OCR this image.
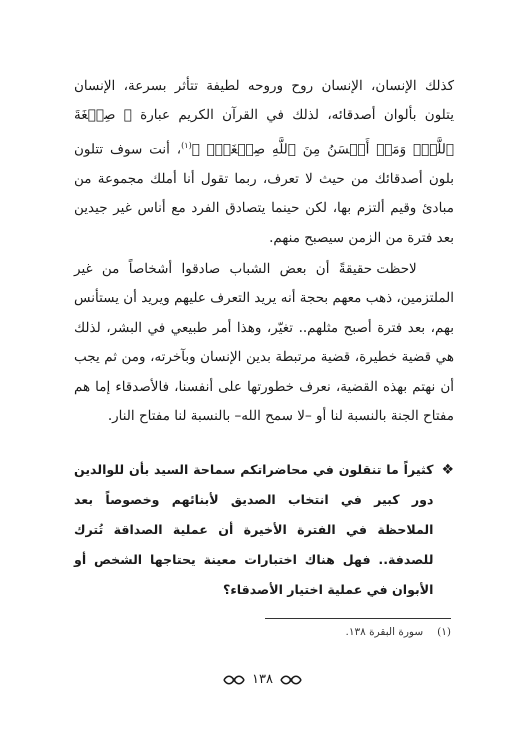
كذلك الإنسان، الإنسان روح وروحه لطيفة تتأثر بسرعة، الإنسان يتلون بألوان أصدقائه، لذلك في القرآن الكريم عبارة ﴿ صِبۡغَةَ ٱللَّهِۖ وَمَنۡ أَحۡسَنُ مِنَ ٱللَّهِ صِبۡغَةٗۖ ﴾$^{(١)}$، أنت سوف تتلون بلون أصدقائك من حيث لا تعرف، ربما تقول أنا أملك مجموعة من مبادئ وقيم ألتزم بها، لكن حينما يتصادق الفرد مع أناس غير جيدين بعد فترة من الزمن سيصبح منهم.

لاحظت حقيقةً أن بعض الشباب صادقوا أشخاصاً من غير الملتزمين، ذهب معهم بحجة أنه يريد التعرف عليهم ويريد أن يستأنس بهم، بعد فترة أصبح مثلهم.. تغيّر، وهذا أمر طبيعي في البشر، لذلك هي قضية خطيرة، قضية مرتبطة بدين الإنسان وبآخرته، ومن ثم يجب أن نهتم بهذه القضية، نعرف خطورتها على أنفسنا، فالأصدقاء إما هم مفتاح الجنة بالنسبة لنا أو –لا سمح الله– بالنسبة لنا مفتاح النار.

❖
كثيراً ما تنقلون في محاضراتكم سماحة السيد بأن للوالدين دور كبير في انتخاب الصديق لأبنائهم وخصوصاً بعد الملاحظة في الفترة الأخيرة أن عملية الصداقة تُترك للصدفة.. فهل هناك اختبارات معينة يحتاجها الشخص أو الأبوان في عملية اختيار الأصدقاء؟
(١)سورة البقرة ١٣٨.
١٣٨
